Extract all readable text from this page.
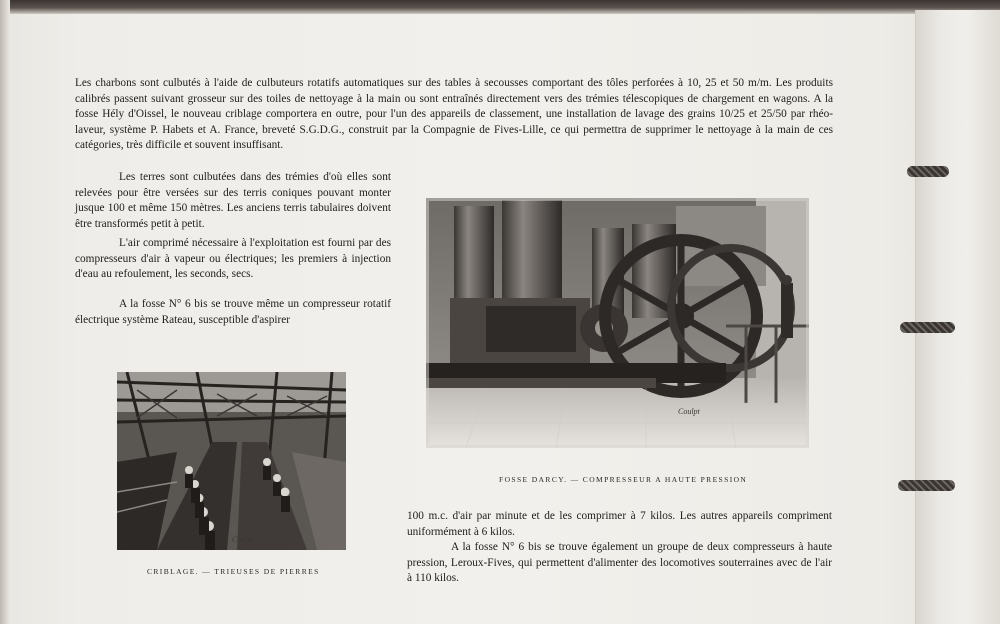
Les charbons sont culbutés à l'aide de culbuteurs rotatifs automatiques sur des tables à secousses comportant des tôles perforées à 10, 25 et 50 m/m. Les produits calibrés passent suivant grosseur sur des toiles de nettoyage à la main ou sont entraînés directement vers des trémies télescopiques de chargement en wagons. A la fosse Hély d'Oissel, le nouveau criblage comportera en outre, pour l'un des appareils de classement, une installation de lavage des grains 10/25 et 25/50 par rhéo-laveur, système P. Habets et A. France, breveté S.G.D.G., construit par la Compagnie de Fives-Lille, ce qui permettra de supprimer le nettoyage à la main de ces catégories, très difficile et souvent insuffisant.

Les terres sont culbutées dans des trémies d'où elles sont relevées pour être versées sur des terris coniques pouvant monter jusque 100 et même 150 mètres. Les anciens terris tabulaires doivent être transformés petit à petit.

L'air comprimé nécessaire à l'exploitation est fourni par des compresseurs d'air à vapeur ou électriques; les premiers à injection d'eau au refoulement, les seconds, secs.

A la fosse N° 6 bis se trouve même un compresseur rotatif électrique système Rateau, susceptible d'aspirer

Coulpt
FOSSE DARCY. — COMPRESSEUR A HAUTE PRESSION
Coulpt
CRIBLAGE. — TRIEUSES DE PIERRES

100 m.c. d'air par minute et de les comprimer à 7 kilos. Les autres appareils compriment uniformément à 6 kilos.

A la fosse N° 6 bis se trouve également un groupe de deux compresseurs à haute pression, Leroux-Fives, qui permettent d'alimenter des locomotives souterraines avec de l'air à 110 kilos.
